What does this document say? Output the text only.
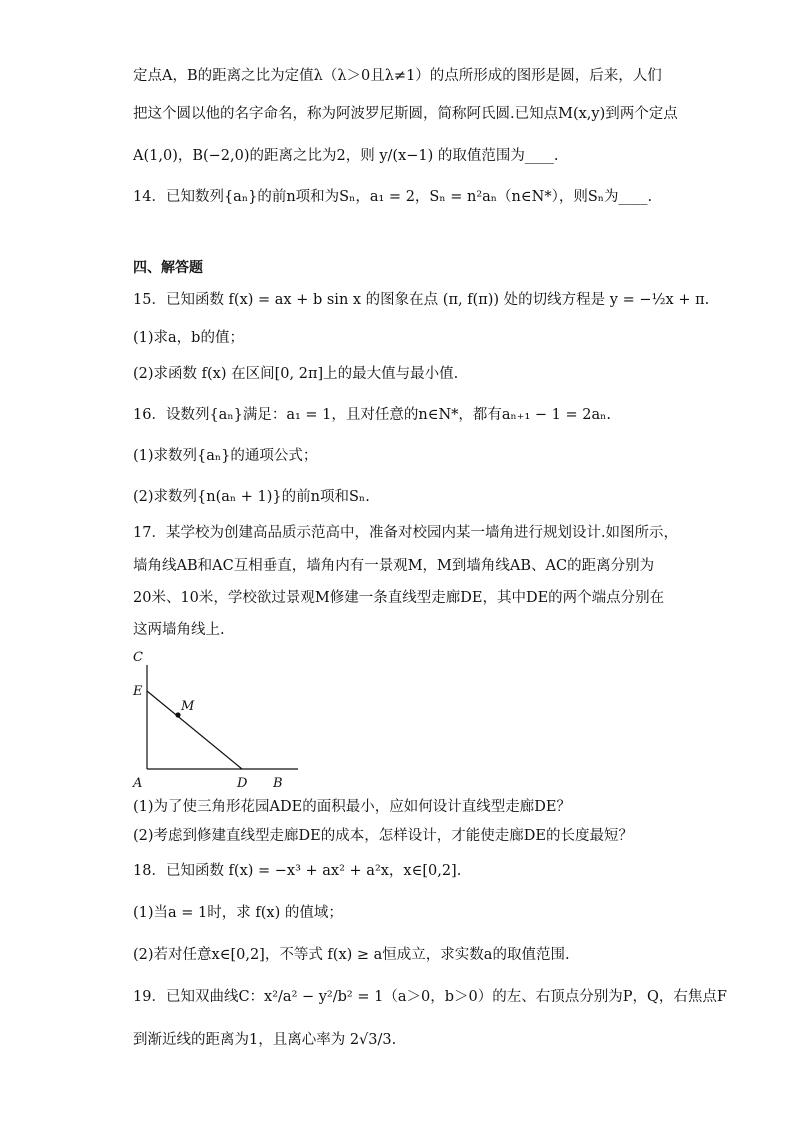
定点A，B的距离之比为定值λ（λ＞0且λ≠1）的点所形成的图形是圆，后来，人们
把这个圆以他的名字命名，称为阿波罗尼斯圆，简称阿氏圆.已知点M(x,y)到两个定点
A(1,0)，B(−2,0)的距离之比为2，则 y/(x−1) 的取值范围为____.
14．已知数列{aₙ}的前n项和为Sₙ，a₁ = 2，Sₙ = n²aₙ（n∈N*），则Sₙ为____.
四、解答题
15．已知函数 f(x) = ax + b sin x 的图象在点 (π, f(π)) 处的切线方程是 y = −½x + π.
(1)求a，b的值；
(2)求函数 f(x) 在区间[0, 2π]上的最大值与最小值.
16．设数列{aₙ}满足：a₁ = 1，且对任意的n∈N*，都有aₙ₊₁ − 1 = 2aₙ.
(1)求数列{aₙ}的通项公式；
(2)求数列{n(aₙ + 1)}的前n项和Sₙ.
17．某学校为创建高品质示范高中，准备对校园内某一墙角进行规划设计.如图所示，
墙角线AB和AC互相垂直，墙角内有一景观M，M到墙角线AB、AC的距离分别为
20米、10米，学校欲过景观M修建一条直线型走廊DE，其中DE的两个端点分别在
这两墙角线上.
C
E
M
A	D B
(1)为了使三角形花园ADE的面积最小，应如何设计直线型走廊DE？
(2)考虑到修建直线型走廊DE的成本，怎样设计，才能使走廊DE的长度最短？
18．已知函数 f(x) = −x³ + ax² + a²x，x∈[0,2].
(1)当a = 1时，求 f(x) 的值域；
(2)若对任意x∈[0,2]，不等式 f(x) ≥ a恒成立，求实数a的取值范围.
19．已知双曲线C：x²/a² − y²/b² = 1（a＞0，b＞0）的左、右顶点分别为P，Q，右焦点F
到渐近线的距离为1，且离心率为 2√3/3.
